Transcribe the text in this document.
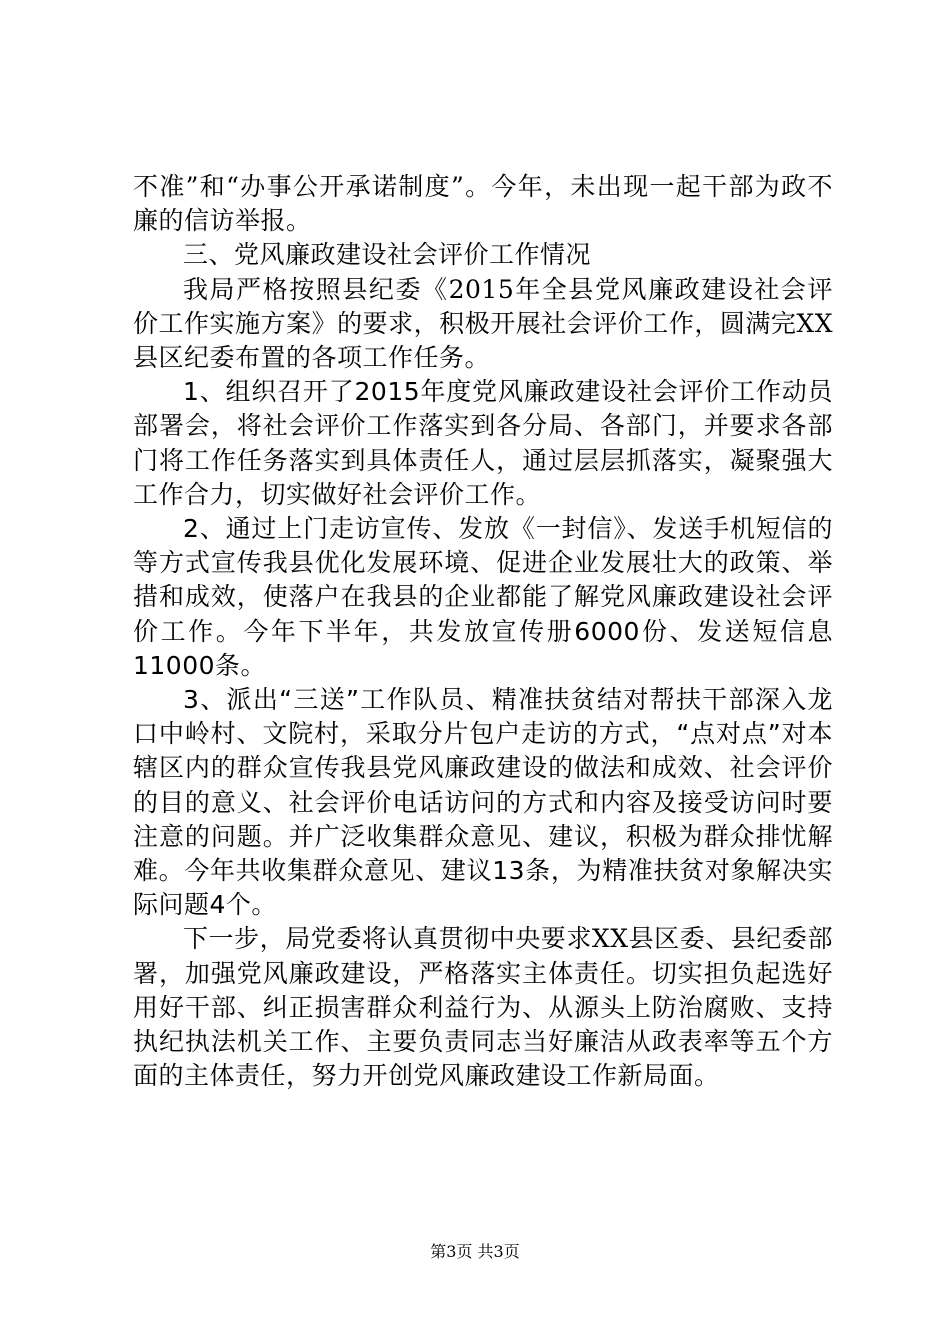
不准”和“办事公开承诺制度”。今年，未出现一起干部为政不廉的信访举报。

三、党风廉政建设社会评价工作情况

我局严格按照县纪委《2015年全县党风廉政建设社会评价工作实施方案》的要求，积极开展社会评价工作，圆满完XX县区纪委布置的各项工作任务。

1、组织召开了2015年度党风廉政建设社会评价工作动员部署会，将社会评价工作落实到各分局、各部门，并要求各部门将工作任务落实到具体责任人，通过层层抓落实，凝聚强大工作合力，切实做好社会评价工作。

2、通过上门走访宣传、发放《一封信》、发送手机短信的等方式宣传我县优化发展环境、促进企业发展壮大的政策、举措和成效，使落户在我县的企业都能了解党风廉政建设社会评价工作。今年下半年，共发放宣传册6000份、发送短信息11000条。

3、派出“三送”工作队员、精准扶贫结对帮扶干部深入龙口中岭村、文院村，采取分片包户走访的方式，“点对点”对本辖区内的群众宣传我县党风廉政建设的做法和成效、社会评价的目的意义、社会评价电话访问的方式和内容及接受访问时要注意的问题。并广泛收集群众意见、建议，积极为群众排忧解难。今年共收集群众意见、建议13条，为精准扶贫对象解决实际问题4个。

下一步，局党委将认真贯彻中央要求XX县区委、县纪委部署，加强党风廉政建设，严格落实主体责任。切实担负起选好用好干部、纠正损害群众利益行为、从源头上防治腐败、支持执纪执法机关工作、主要负责同志当好廉洁从政表率等五个方面的主体责任，努力开创党风廉政建设工作新局面。

第3页 共3页
